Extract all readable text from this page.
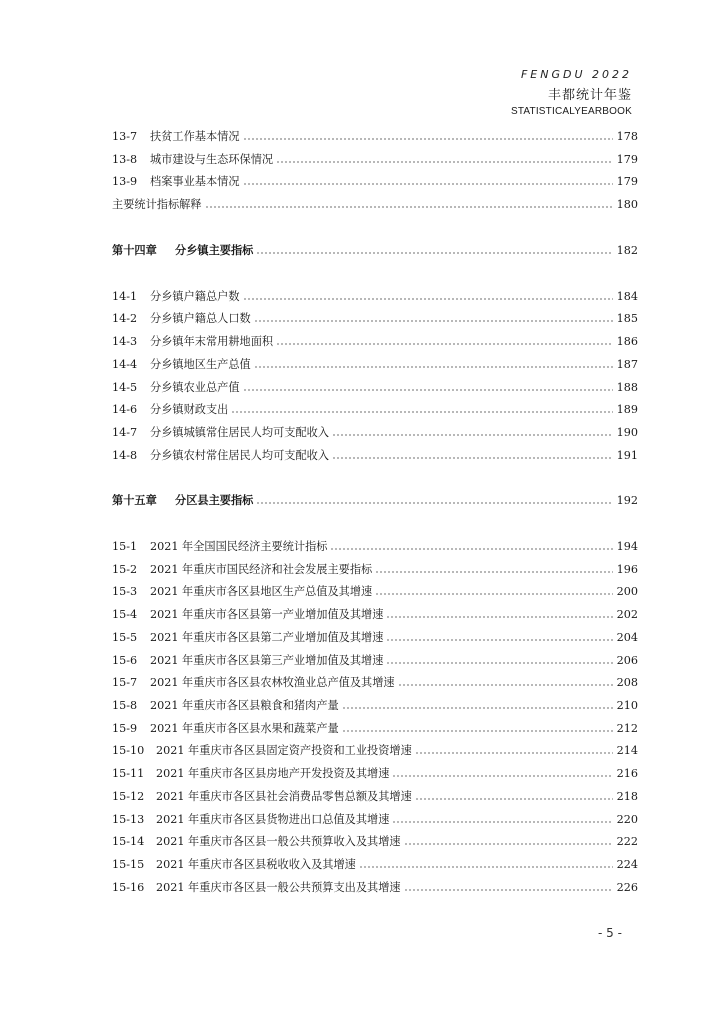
FENGDU 2022
丰都统计年鉴
STATISTICALYEARBOOK
13-7	扶贫工作基本情况	178
13-8	城市建设与生态环保情况	179
13-9	档案事业基本情况	179
主要统计指标解释	180
第十四章	分乡镇主要指标	182
14-1	分乡镇户籍总户数	184
14-2	分乡镇户籍总人口数	185
14-3	分乡镇年末常用耕地面积	186
14-4	分乡镇地区生产总值	187
14-5	分乡镇农业总产值	188
14-6	分乡镇财政支出	189
14-7	分乡镇城镇常住居民人均可支配收入	190
14-8	分乡镇农村常住居民人均可支配收入	191
第十五章	分区县主要指标	192
15-1	2021 年全国国民经济主要统计指标	194
15-2	2021 年重庆市国民经济和社会发展主要指标	196
15-3	2021 年重庆市各区县地区生产总值及其增速	200
15-4	2021 年重庆市各区县第一产业增加值及其增速	202
15-5	2021 年重庆市各区县第二产业增加值及其增速	204
15-6	2021 年重庆市各区县第三产业增加值及其增速	206
15-7	2021 年重庆市各区县农林牧渔业总产值及其增速	208
15-8	2021 年重庆市各区县粮食和猪肉产量	210
15-9	2021 年重庆市各区县水果和蔬菜产量	212
15-10	2021 年重庆市各区县固定资产投资和工业投资增速	214
15-11	2021 年重庆市各区县房地产开发投资及其增速	216
15-12	2021 年重庆市各区县社会消费品零售总额及其增速	218
15-13	2021 年重庆市各区县货物进出口总值及其增速	220
15-14	2021 年重庆市各区县一般公共预算收入及其增速	222
15-15	2021 年重庆市各区县税收收入及其增速	224
15-16	2021 年重庆市各区县一般公共预算支出及其增速	226
- 5 -
